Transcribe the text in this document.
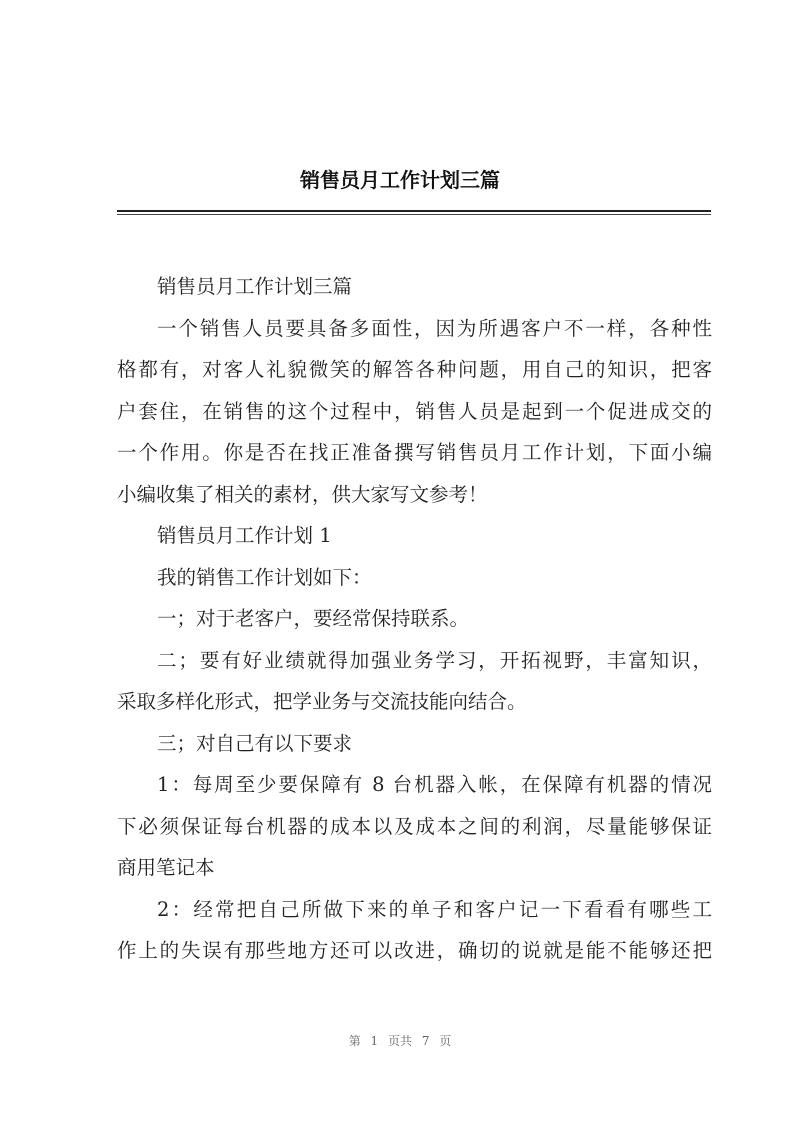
销售员月工作计划三篇
销售员月工作计划三篇
一个销售人员要具备多面性，因为所遇客户不一样，各种性
格都有，对客人礼貌微笑的解答各种问题，用自己的知识，把客
户套住，在销售的这个过程中，销售人员是起到一个促进成交的
一个作用。你是否在找正准备撰写销售员月工作计划，下面小编
小编收集了相关的素材，供大家写文参考！
销售员月工作计划 1
我的销售工作计划如下：
一；对于老客户，要经常保持联系。
二；要有好业绩就得加强业务学习，开拓视野，丰富知识，
采取多样化形式，把学业务与交流技能向结合。
三；对自己有以下要求
1：每周至少要保障有 8 台机器入帐，在保障有机器的情况
下必须保证每台机器的成本以及成本之间的利润，尽量能够保证
商用笔记本
2：经常把自己所做下来的单子和客户记一下看看有哪些工
作上的失误有那些地方还可以改进，确切的说就是能不能够还把
第 1 页共 7 页
